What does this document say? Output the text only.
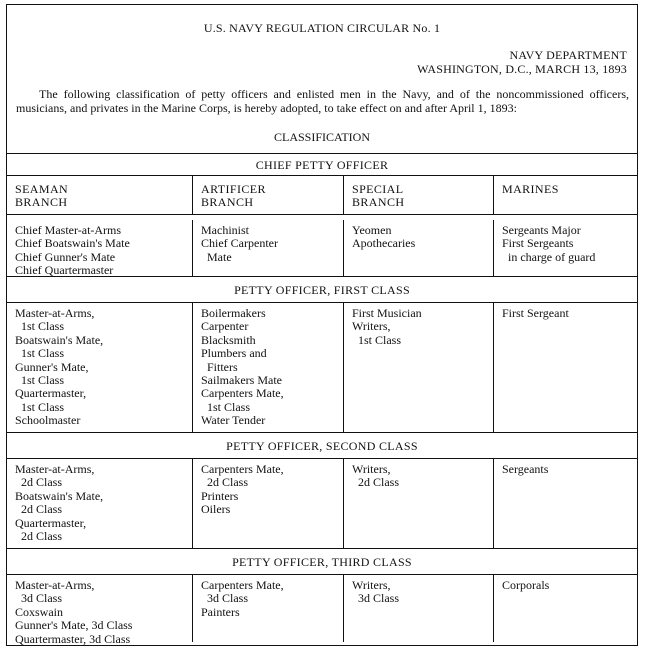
U.S. NAVY REGULATION CIRCULAR No. 1
NAVY DEPARTMENT
WASHINGTON, D.C., MARCH 13, 1893
The following classification of petty officers and enlisted men in the Navy, and of the noncommissioned officers, musicians, and privates in the Marine Corps, is hereby adopted, to take effect on and after April 1, 1893:
CLASSIFICATION
CHIEF PETTY OFFICER
SEAMAN
BRANCH
ARTIFICER
BRANCH
SPECIAL
BRANCH
MARINES
Chief Master-at-Arms
Chief Boatswain's Mate
Chief Gunner's Mate
Chief Quartermaster
Machinist
Chief Carpenter
Mate
Yeomen
Apothecaries
Sergeants Major
First Sergeants
in charge of guard
PETTY OFFICER, FIRST CLASS
Master-at-Arms,
1st Class
Boatswain's Mate,
1st Class
Gunner's Mate,
1st Class
Quartermaster,
1st Class
Schoolmaster
Boilermakers
Carpenter
Blacksmith
Plumbers and
Fitters
Sailmakers Mate
Carpenters Mate,
1st Class
Water Tender
First Musician
Writers,
1st Class
First Sergeant
PETTY OFFICER, SECOND CLASS
Master-at-Arms,
2d Class
Boatswain's Mate,
2d Class
Quartermaster,
2d Class
Carpenters Mate,
2d Class
Printers
Oilers
Writers,
2d Class
Sergeants
PETTY OFFICER, THIRD CLASS
Master-at-Arms,
3d Class
Coxswain
Gunner's Mate, 3d Class
Quartermaster, 3d Class
Carpenters Mate,
3d Class
Painters
Writers,
3d Class
Corporals
